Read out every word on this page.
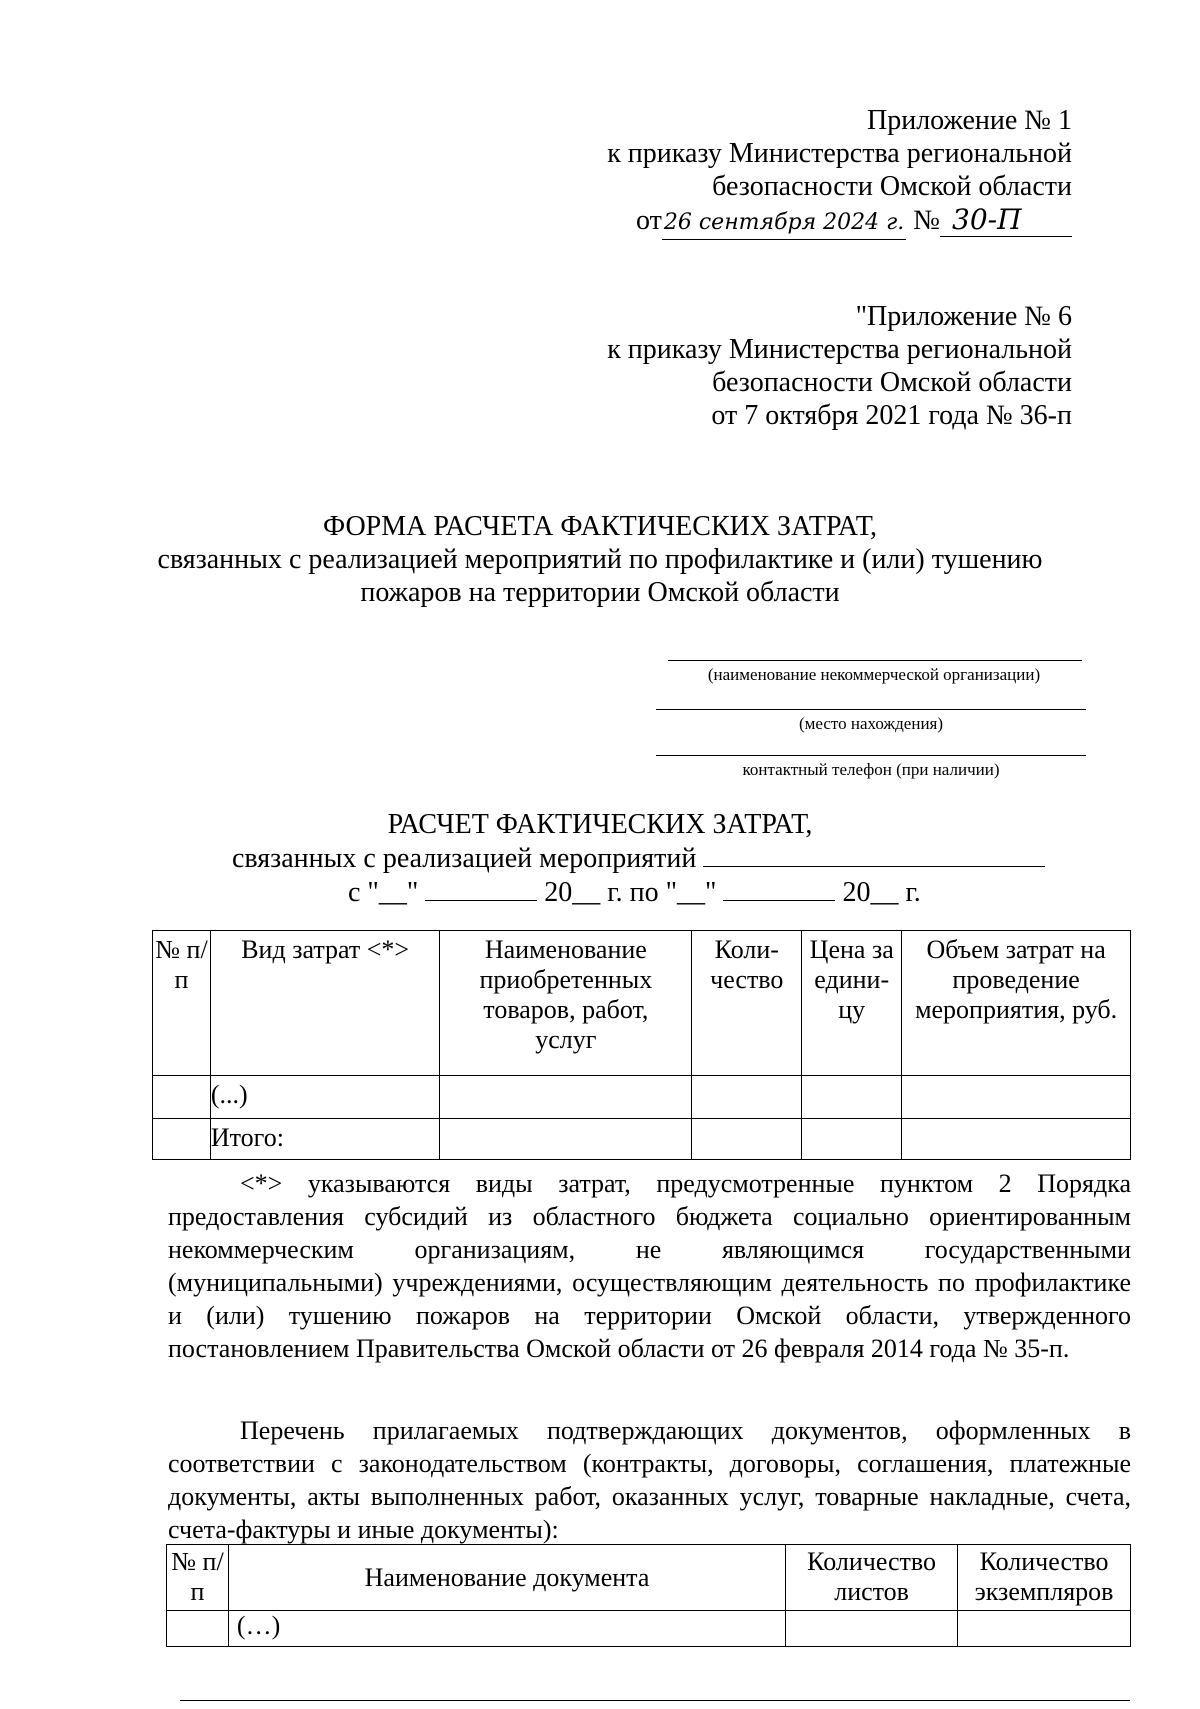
Приложение № 1
к приказу Министерства региональной
безопасности Омской области
от26 сентября 2024 г. № 30-П
"Приложение № 6
к приказу Министерства региональной
безопасности Омской области
от 7 октября 2021 года № 36-п
ФОРМА РАСЧЕТА ФАКТИЧЕСКИХ ЗАТРАТ,
связанных с реализацией мероприятий по профилактике и (или) тушению
пожаров на территории Омской области
(наименование некоммерческой организации)
(место нахождения)
контактный телефон (при наличии)
РАСЧЕТ ФАКТИЧЕСКИХ ЗАТРАТ,
связанных с реализацией мероприятий
с "__"	20__ г. по "__"	20__ г.
№ п/п	Вид затрат <*>	Наименование приобретенных товаров, работ, услуг	Коли-чество	Цена за едини-цу	Объем затрат на проведение мероприятия, руб.
	(...)				
	Итого:				
<*> указываются виды затрат, предусмотренные пунктом 2 Порядка предоставления субсидий из областного бюджета социально ориентированным некоммерческим организациям, не являющимся государственными (муниципальными) учреждениями, осуществляющим деятельность по профилактике и (или) тушению пожаров на территории Омской области, утвержденного постановлением Правительства Омской области от 26 февраля 2014 года № 35-п.
Перечень прилагаемых подтверждающих документов, оформленных в соответствии с законодательством (контракты, договоры, соглашения, платежные документы, акты выполненных работ, оказанных услуг, товарные накладные, счета, счета-фактуры и иные документы):
№ п/п	Наименование документа	Количество листов	Количество экземпляров
	(…)		
